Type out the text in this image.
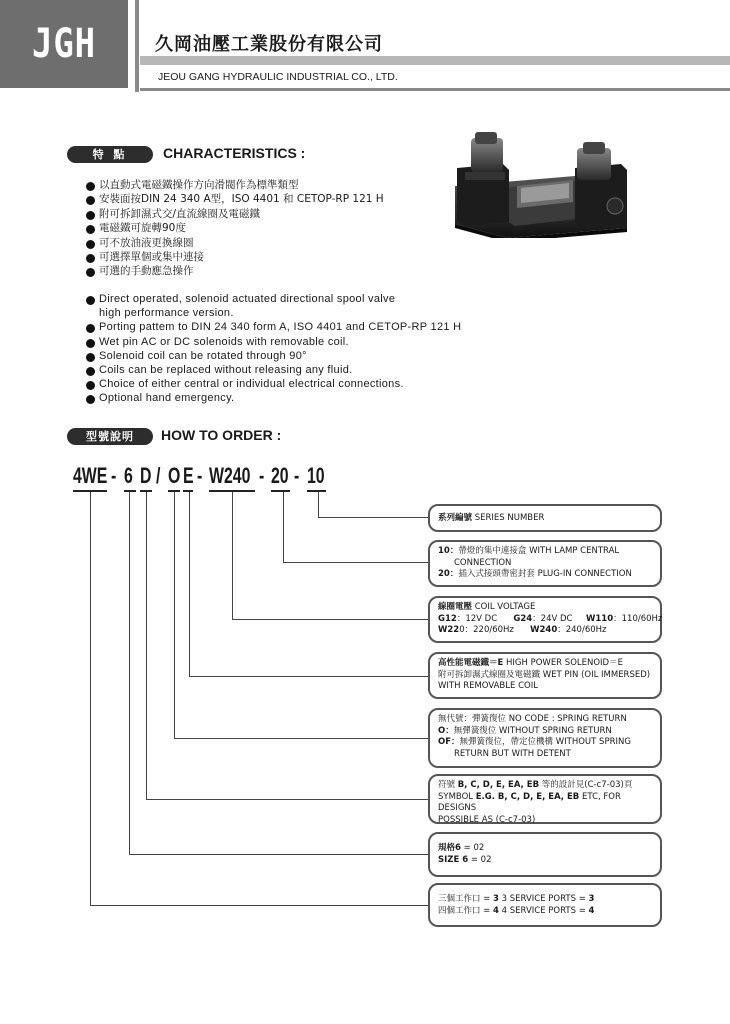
JGH	久岡油壓工業股份有限公司
JEOU GANG HYDRAULIC INDUSTRIAL CO., LTD.
特 點	CHARACTERISTICS :
以直動式電磁鐵操作方向滑閥作為標準類型
安裝面按DIN 24 340 A型，ISO 4401 和 CETOP-RP 121 H
附可拆卸濕式交/直流線圈及電磁鐵
電磁鐵可旋轉90度
可不放油液更換線圈
可選擇單個或集中連接
可選的手動應急操作
Direct operated, solenoid actuated directional spool valve
high performance version.
Porting pattem to DIN 24 340 form A, ISO 4401 and CETOP-RP 121 H
Wet pin AC or DC solenoids with removable coil.
Solenoid coil can be rotated through 90°
Coils can be replaced without releasing any fluid.
Choice of either central or individual electrical connections.
Optional hand emergency.
型號說明	HOW TO ORDER :
4WE - 6 D / O E - W240 - 20 - 10
系列編號 SERIES NUMBER
10：帶燈的集中連接盒 WITH LAMP CENTRAL
CONNECTION
20：插入式接頭帶密封套 PLUG-IN CONNECTION
線圈電壓 COIL VOLTAGE
G12：12V DC G24：24V DC W110：110/60Hz
W220：220/60Hz W240：240/60Hz
高性能電磁鐵＝E HIGH POWER SOLENOID＝E
附可拆卸濕式線圈及電磁鐵 WET PIN (OIL IMMERSED)
WITH REMOVABLE COIL
無代號：彈簧復位 NO CODE : SPRING RETURN
O：無彈簧復位 WITHOUT SPRING RETURN
OF：無彈簧復位，帶定位機構 WITHOUT SPRING
RETURN BUT WITH DETENT
符號 B, C, D, E, EA, EB 等的設計見(C-c7-03)頁
SYMBOL E.G. B, C, D, E, EA, EB ETC, FOR DESIGNS
POSSIBLE AS (C-c7-03)
規格6 = 02
SIZE 6 = 02
三個工作口 = 3 3 SERVICE PORTS = 3
四個工作口 = 4 4 SERVICE PORTS = 4
